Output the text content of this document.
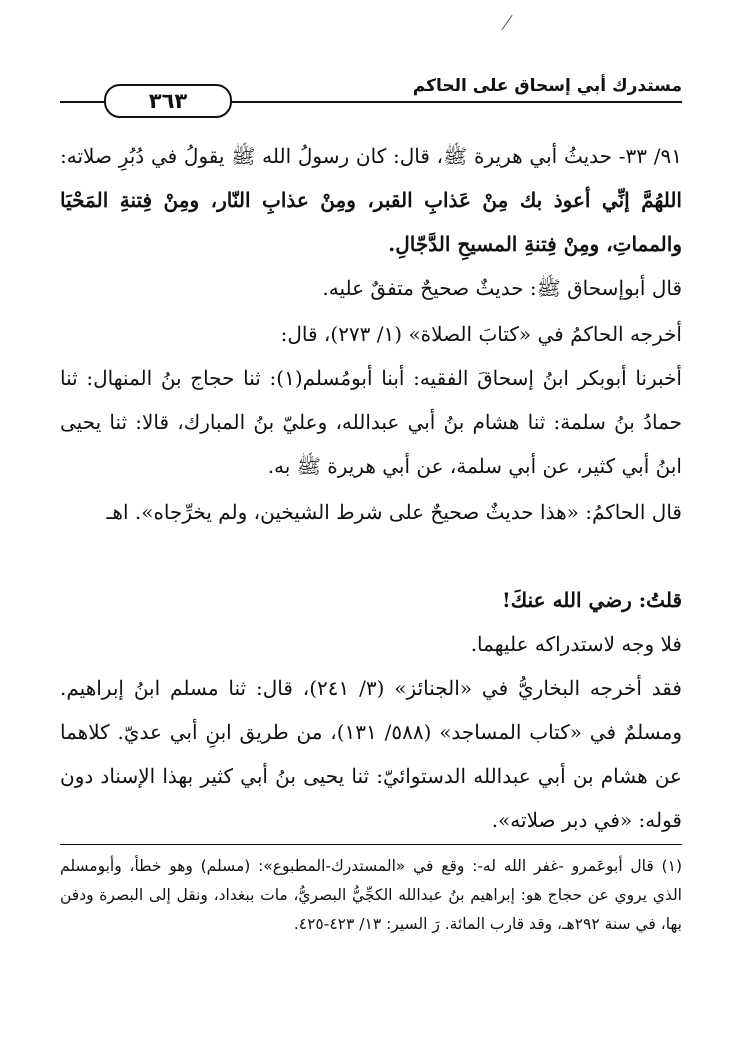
مستدرك أبي إسحاق على الحاكم
٣٦٣

٩١/ ٣٣- حديثُ أبي هريرة ﷺ، قال: كان رسولُ الله ﷺ يقولُ في دُبُرِ صلاته: اللهُمَّ إنِّي أعوذ بك مِنْ عَذابِ القبر، ومِنْ عذابِ النّار، ومِنْ فِتنةِ المَحْيَا والمماتِ، ومِنْ فِتنةِ المسيحِ الدَّجّالِ.

قال أبوإسحاق ﷺ: حديثٌ صحيحٌ متفقٌ عليه.

أخرجه الحاكمُ في «كتابَ الصلاة» (١/ ٢٧٣)، قال:

أخبرنا أبوبكر ابنُ إسحاقَ الفقيه: أبنا أبومُسلم(١): ثنا حجاج بنُ المنهال: ثنا حمادُ بنُ سلمة: ثنا هشام بنُ أبي عبدالله، وعليّ بنُ المبارك، قالا: ثنا يحيى ابنُ أبي كثير، عن أبي سلمة، عن أبي هريرة ﷺ به.

قال الحاكمُ: «هذا حديثٌ صحيحٌ على شرط الشيخين، ولم يخرِّجاه». اهـ

قلتُ: رضي الله عنكَ!

فلا وجه لاستدراكه عليهما.

فقد أخرجه البخاريُّ في «الجنائز» (٣/ ٢٤١)، قال: ثنا مسلم ابنُ إبراهيم. ومسلمٌ في «كتاب المساجد» (٥٨٨/ ١٣١)، من طريق ابنِ أبي عديّ. كلاهما عن هشام بن أبي عبدالله الدستوائيّ: ثنا يحيى بنُ أبي كثير بهذا الإسناد دون قوله: «في دبر صلاته».

(١) قال أبوعَمرو -غفر الله له-: وقع في «المستدرك-المطبوع»: (مسلم) وهو خطأ، وأبومسلم الذي يروي عن حجاج هو: إبراهيم بنُ عبدالله الكجِّيُّ البصريُّ، مات ببغداد، ونقل إلى البصرة ودفن بها، في سنة ٢٩٢هـ، وقد قارب المائة. رَ السير: ١٣/ ٤٢٣-٤٢٥.
